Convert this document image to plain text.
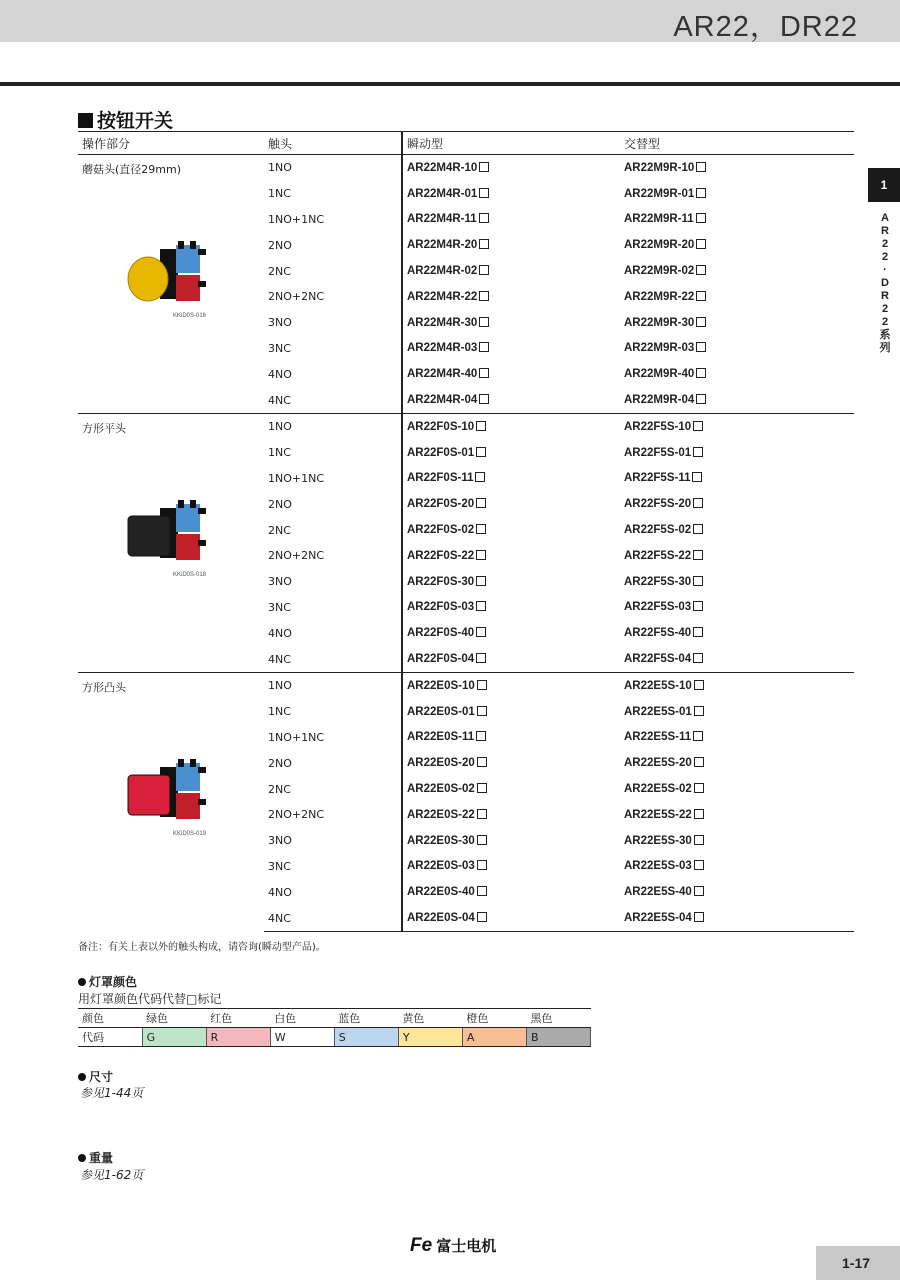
AR22，DR22
按钮开关
操作部分	触头	瞬动型	交替型
蘑菇头(直径29mm)
KKiD0S-016	1NO	AR22M4R-10	AR22M9R-10
	1NC	AR22M4R-01	AR22M9R-01
	1NO+1NC	AR22M4R-11	AR22M9R-11
	2NO	AR22M4R-20	AR22M9R-20
	2NC	AR22M4R-02	AR22M9R-02
	2NO+2NC	AR22M4R-22	AR22M9R-22
	3NO	AR22M4R-30	AR22M9R-30
	3NC	AR22M4R-03	AR22M9R-03
	4NO	AR22M4R-40	AR22M9R-40
	4NC	AR22M4R-04	AR22M9R-04
方形平头
KKiD0S-018	1NO	AR22F0S-10	AR22F5S-10
	1NC	AR22F0S-01	AR22F5S-01
	1NO+1NC	AR22F0S-11	AR22F5S-11
	2NO	AR22F0S-20	AR22F5S-20
	2NC	AR22F0S-02	AR22F5S-02
	2NO+2NC	AR22F0S-22	AR22F5S-22
	3NO	AR22F0S-30	AR22F5S-30
	3NC	AR22F0S-03	AR22F5S-03
	4NO	AR22F0S-40	AR22F5S-40
	4NC	AR22F0S-04	AR22F5S-04
方形凸头
KKiD0S-019	1NO	AR22E0S-10	AR22E5S-10
	1NC	AR22E0S-01	AR22E5S-01
	1NO+1NC	AR22E0S-11	AR22E5S-11
	2NO	AR22E0S-20	AR22E5S-20
	2NC	AR22E0S-02	AR22E5S-02
	2NO+2NC	AR22E0S-22	AR22E5S-22
	3NO	AR22E0S-30	AR22E5S-30
	3NC	AR22E0S-03	AR22E5S-03
	4NO	AR22E0S-40	AR22E5S-40
	4NC	AR22E0S-04	AR22E5S-04
备注：有关上表以外的触头构成，请咨询(瞬动型产品)。
灯罩颜色
用灯罩颜色代码代替□标记
颜色	绿色	红色	白色	蓝色	黄色	橙色	黑色
代码	G	R	W	S	Y	A	B
尺寸
参见1-44页
重量
参见1-62页
1
A
R
2
2
·
D
R
2
2
系
列
Fe 富士电机
1-17
